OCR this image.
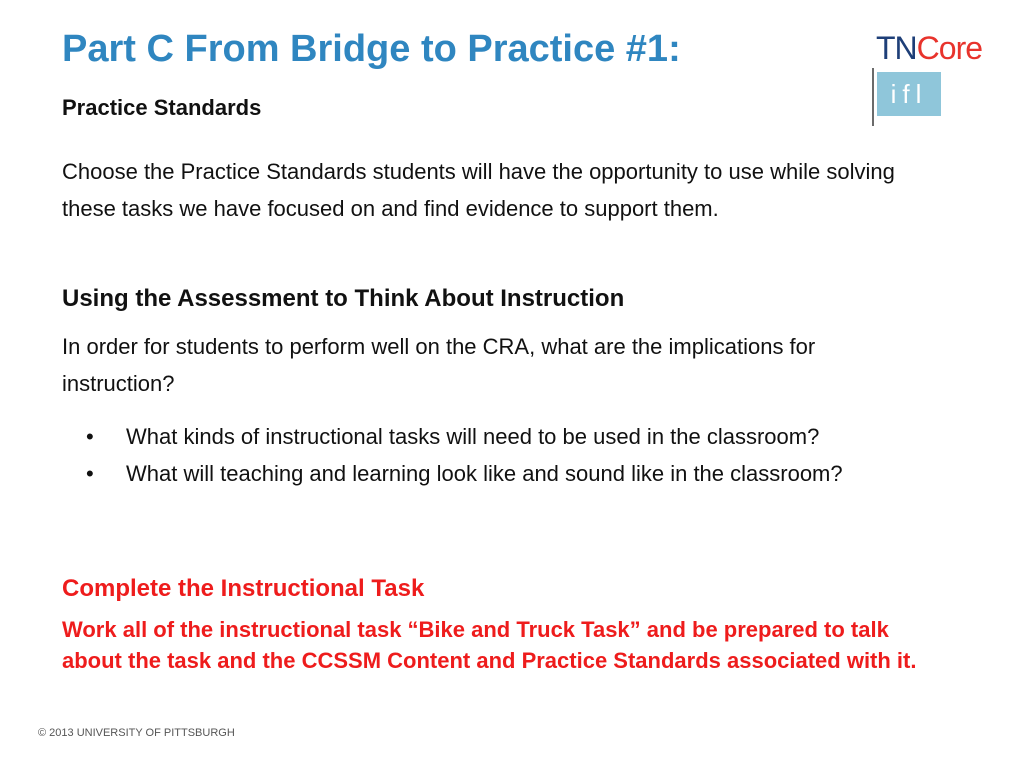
Part C From Bridge to Practice #1:
Practice Standards

Choose the Practice Standards students will have the opportunity to use while solving these tasks we have focused on and find evidence to support them.

Using the Assessment to Think About Instruction

In order for students to perform well on the CRA, what are the implications for instruction?

• What kinds of instructional tasks will need to be used in the classroom?
• What will teaching and learning look like and sound like in the classroom?
Complete the Instructional Task

Work all of the instructional task “Bike and Truck Task” and be prepared to talk about the task and the CCSSM Content and Practice Standards associated with it.

© 2013 UNIVERSITY OF PITTSBURGH

TNCore
ifl
